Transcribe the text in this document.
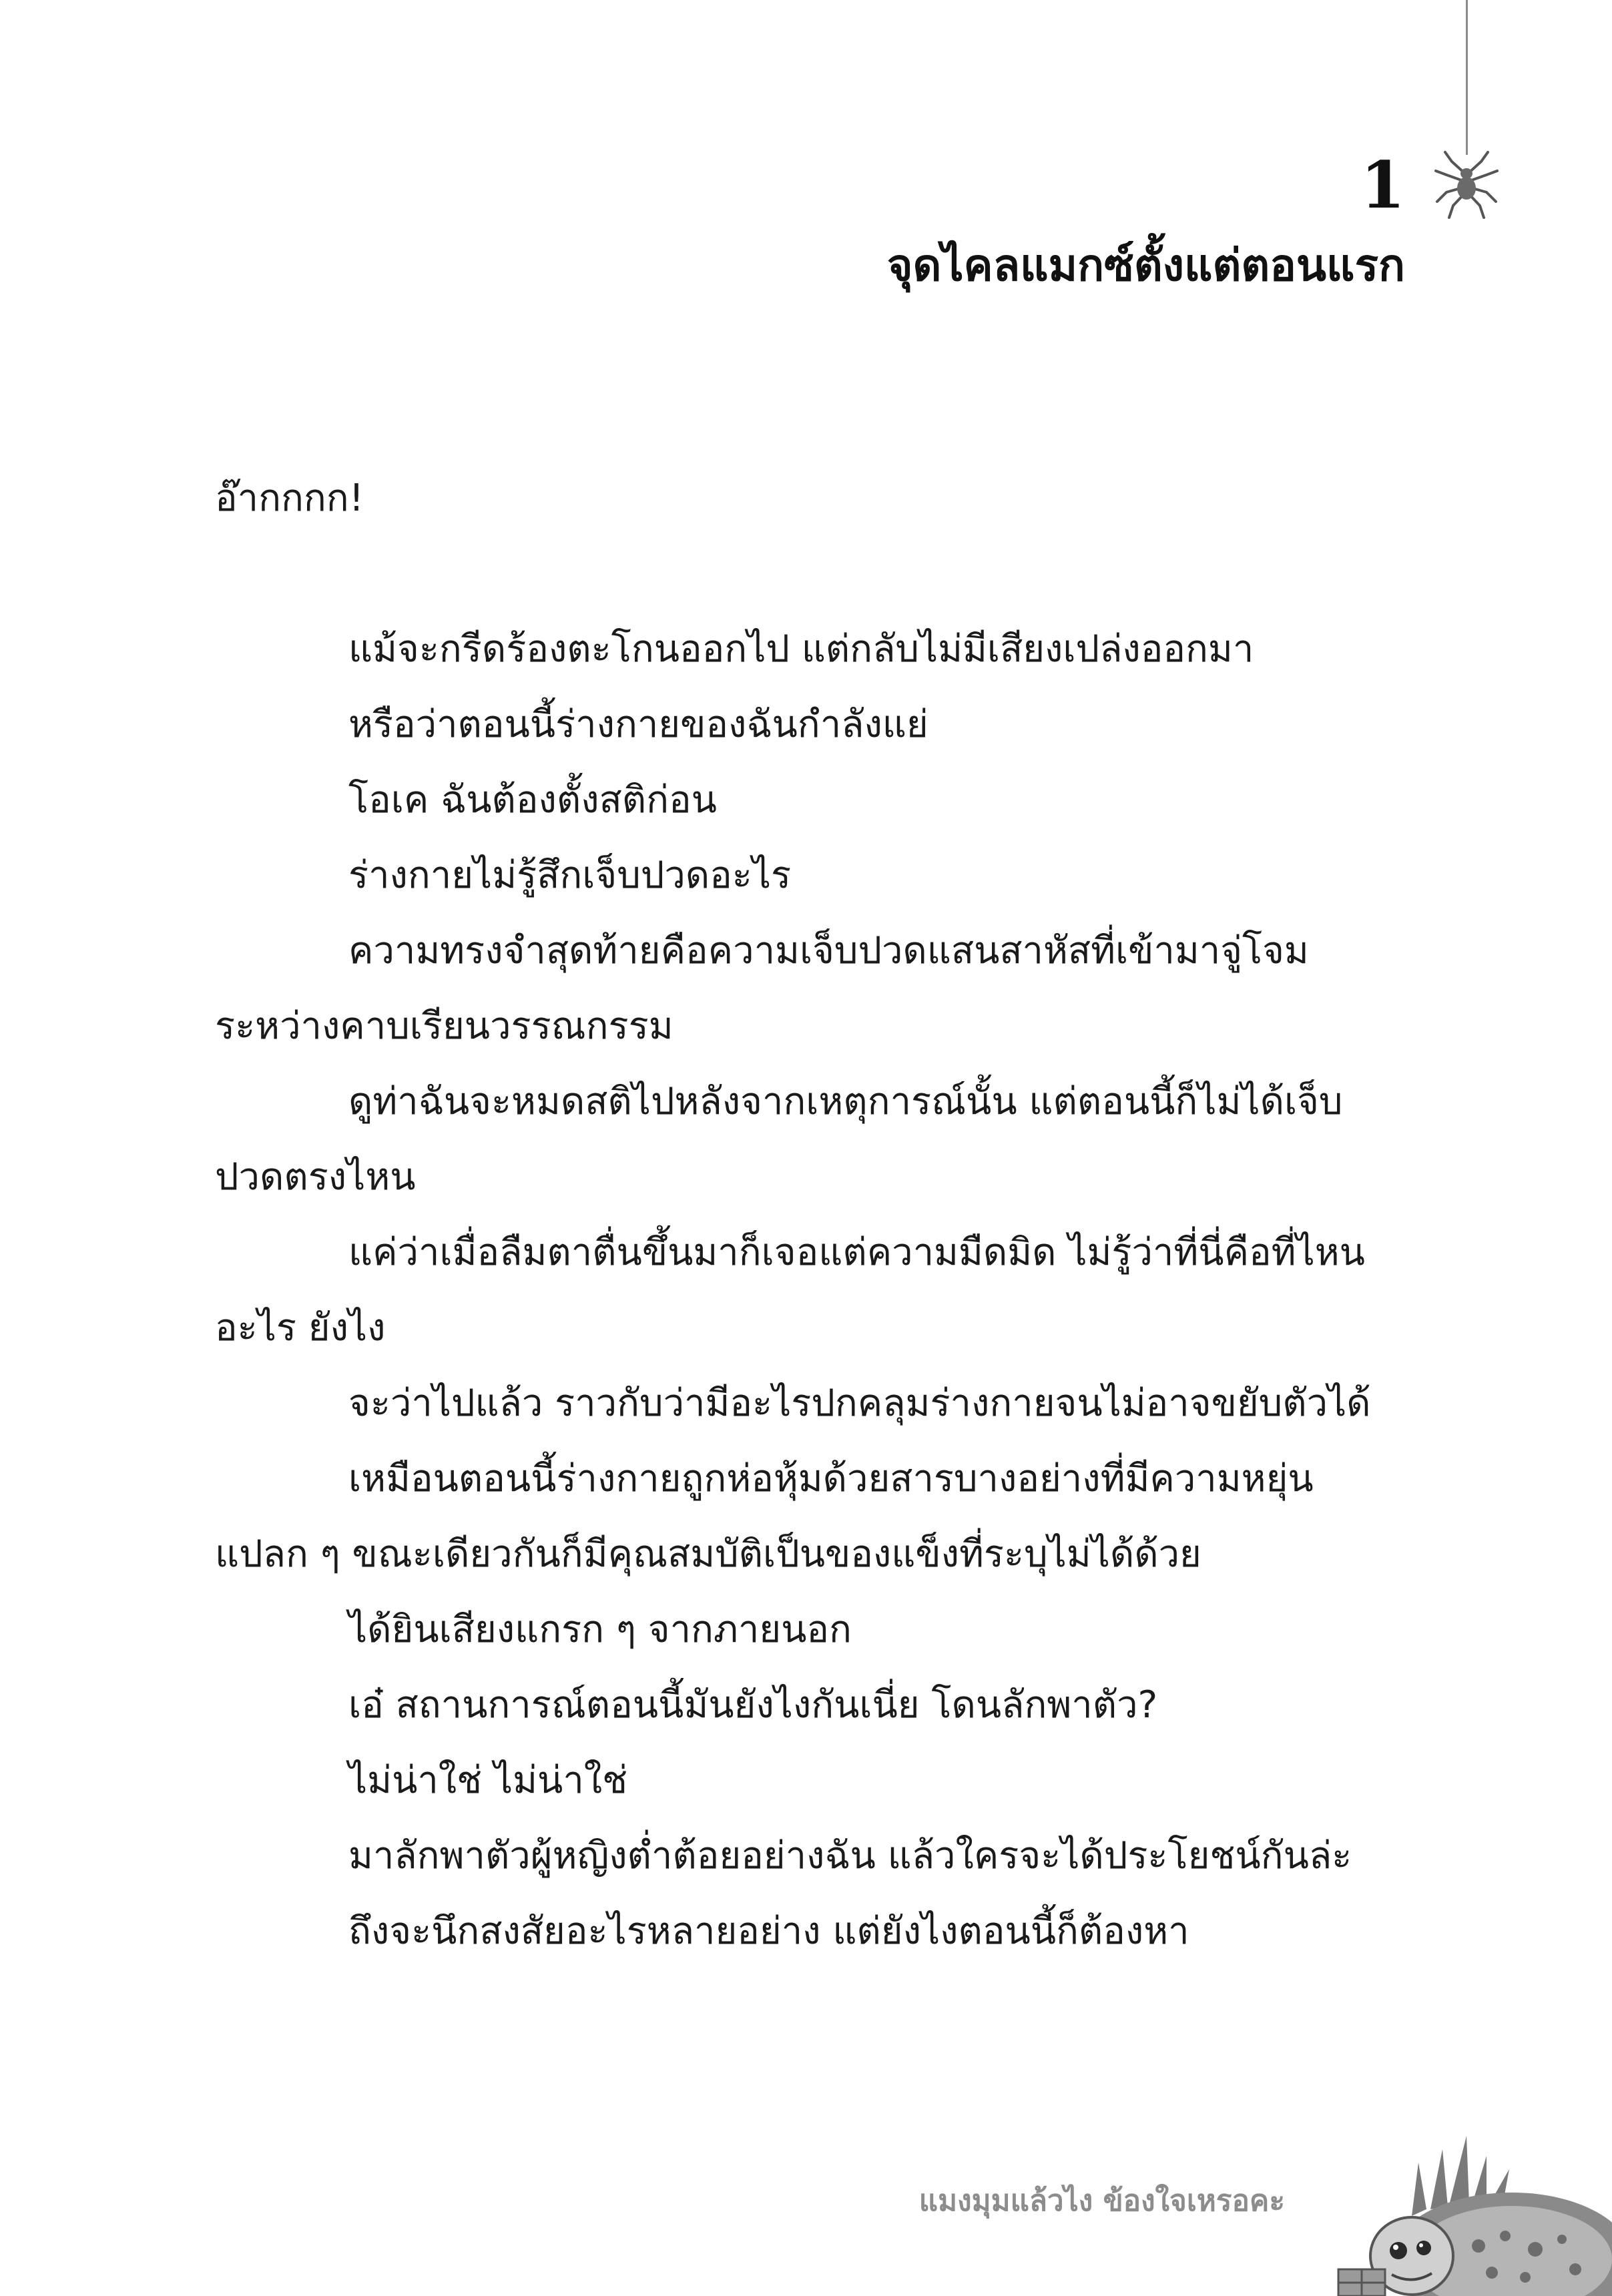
1
จุดไคลแมกซ์ตั้งแต่ตอนแรก

อ๊ากกกก!

แม้จะกรีดร้องตะโกนออกไป แต่กลับไม่มีเสียงเปล่งออกมา

หรือว่าตอนนี้ร่างกายของฉันกำลังแย่

โอเค ฉันต้องตั้งสติก่อน

ร่างกายไม่รู้สึกเจ็บปวดอะไร

ความทรงจำสุดท้ายคือความเจ็บปวดแสนสาหัสที่เข้ามาจู่โจมระหว่างคาบเรียนวรรณกรรม

ดูท่าฉันจะหมดสติไปหลังจากเหตุการณ์นั้น แต่ตอนนี้ก็ไม่ได้เจ็บปวดตรงไหน

แค่ว่าเมื่อลืมตาตื่นขึ้นมาก็เจอแต่ความมืดมิด ไม่รู้ว่าที่นี่คือที่ไหน อะไร ยังไง

จะว่าไปแล้ว ราวกับว่ามีอะไรปกคลุมร่างกายจนไม่อาจขยับตัวได้

เหมือนตอนนี้ร่างกายถูกห่อหุ้มด้วยสารบางอย่างที่มีความหยุ่นแปลก ๆ ขณะเดียวกันก็มีคุณสมบัติเป็นของแข็งที่ระบุไม่ได้ด้วย

ได้ยินเสียงแกรก ๆ จากภายนอก

เอ๋ สถานการณ์ตอนนี้มันยังไงกันเนี่ย โดนลักพาตัว?

ไม่น่าใช่ ไม่น่าใช่

มาลักพาตัวผู้หญิงต่ำต้อยอย่างฉัน แล้วใครจะได้ประโยชน์กันล่ะ

ถึงจะนึกสงสัยอะไรหลายอย่าง แต่ยังไงตอนนี้ก็ต้องหา

แมงมุมแล้วไง ข้องใจเหรอคะ
